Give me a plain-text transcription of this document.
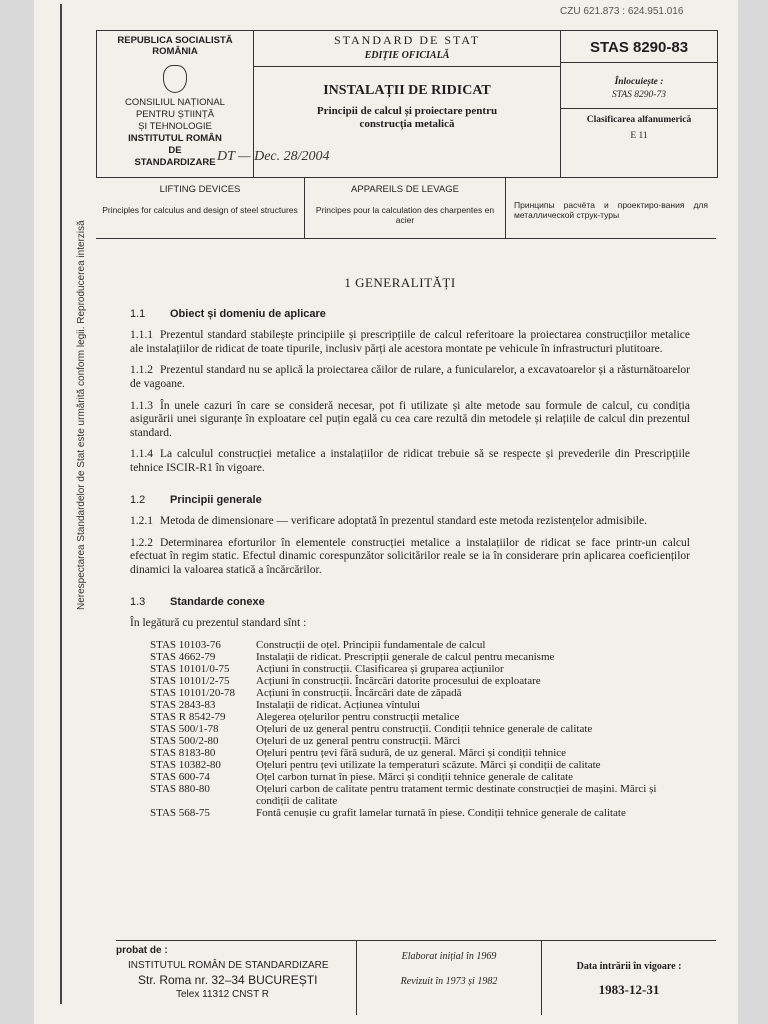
CZU 621.873 : 624.951.016
Nerespectarea Standardelor de Stat este urmărită conform legii. Reproducerea interzisă
REPUBLICA SOCIALISTĂ
ROMÂNIA
CONSILIUL NAȚIONAL
PENTRU ȘTIINȚĂ
ȘI TEHNOLOGIE
INSTITUTUL ROMÂN
DE
STANDARDIZARE
STANDARD DE STAT
EDIȚIE OFICIALĂ
INSTALAȚII DE RIDICAT
Principii de calcul și proiectare pentru
construcția metalică
STAS 8290-83
Înlocuiește :
STAS 8290-73
Clasificarea alfanumerică
E 11
DT — Dec. 28/2004
LIFTING DEVICES
Principles for calculus and design of steel structures
APPAREILS DE LEVAGE
Principes pour la calculation des charpentes en acier
Принципы расчёта и проектиро-вания для металлической струк-туры
1 GENERALITĂȚI
1.1 Obiect și domeniu de aplicare
1.1.1 Prezentul standard stabilește principiile și prescripțiile de calcul referitoare la proiectarea construcțiilor metalice ale instalațiilor de ridicat de toate tipurile, inclusiv părți ale acestora montate pe vehicule în infrastructuri plutitoare.
1.1.2 Prezentul standard nu se aplică la proiectarea căilor de rulare, a funicularelor, a excavatoarelor și a răsturnătoarelor de vagoane.
1.1.3 În unele cazuri în care se consideră necesar, pot fi utilizate și alte metode sau formule de calcul, cu condiția asigurării unei siguranțe în exploatare cel puțin egală cu cea care rezultă din metodele și relațiile de calcul din prezentul standard.
1.1.4 La calculul construcției metalice a instalațiilor de ridicat trebuie să se respecte și prevederile din Prescripțiile tehnice ISCIR-R1 în vigoare.
1.2 Principii generale
1.2.1 Metoda de dimensionare — verificare adoptată în prezentul standard este metoda rezistențelor admisibile.
1.2.2 Determinarea eforturilor în elementele construcției metalice a instalațiilor de ridicat se face printr-un calcul efectuat în regim static. Efectul dinamic corespunzător solicitărilor reale se ia în considerare prin aplicarea coeficienților dinamici la valoarea statică a încărcărilor.
1.3 Standarde conexe
În legătură cu prezentul standard sînt :
STAS 10103-76	Construcții de oțel. Principii fundamentale de calcul
STAS 4662-79	Instalații de ridicat. Prescripții generale de calcul pentru mecanisme
STAS 10101/0-75	Acțiuni în construcții. Clasificarea și gruparea acțiunilor
STAS 10101/2-75	Acțiuni în construcții. Încărcări datorite procesului de exploatare
STAS 10101/20-78	Acțiuni în construcții. Încărcări date de zăpadă
STAS 2843-83	Instalații de ridicat. Acțiunea vîntului
STAS R 8542-79	Alegerea oțelurilor pentru construcții metalice
STAS 500/1-78	Oțeluri de uz general pentru construcții. Condiții tehnice generale de calitate
STAS 500/2-80	Oțeluri de uz general pentru construcții. Mărci
STAS 8183-80	Oțeluri pentru țevi fără sudură, de uz general. Mărci și condiții tehnice
STAS 10382-80	Oțeluri pentru țevi utilizate la temperaturi scăzute. Mărci și condiții de calitate
STAS 600-74	Oțel carbon turnat în piese. Mărci și condiții tehnice generale de calitate
STAS 880-80	Oțeluri carbon de calitate pentru tratament termic destinate construcției de mașini. Mărci și condiții de calitate
STAS 568-75	Fontă cenușie cu grafit lamelar turnată în piese. Condiții tehnice generale de calitate
probat de :
INSTITUTUL ROMÂN DE STANDARDIZARE
Str. Roma nr. 32–34 BUCUREȘTI
Telex 11312 CNST R
Elaborat inițial în 1969
Revizuit în 1973 și 1982
Data intrării în vigoare :
1983-12-31
